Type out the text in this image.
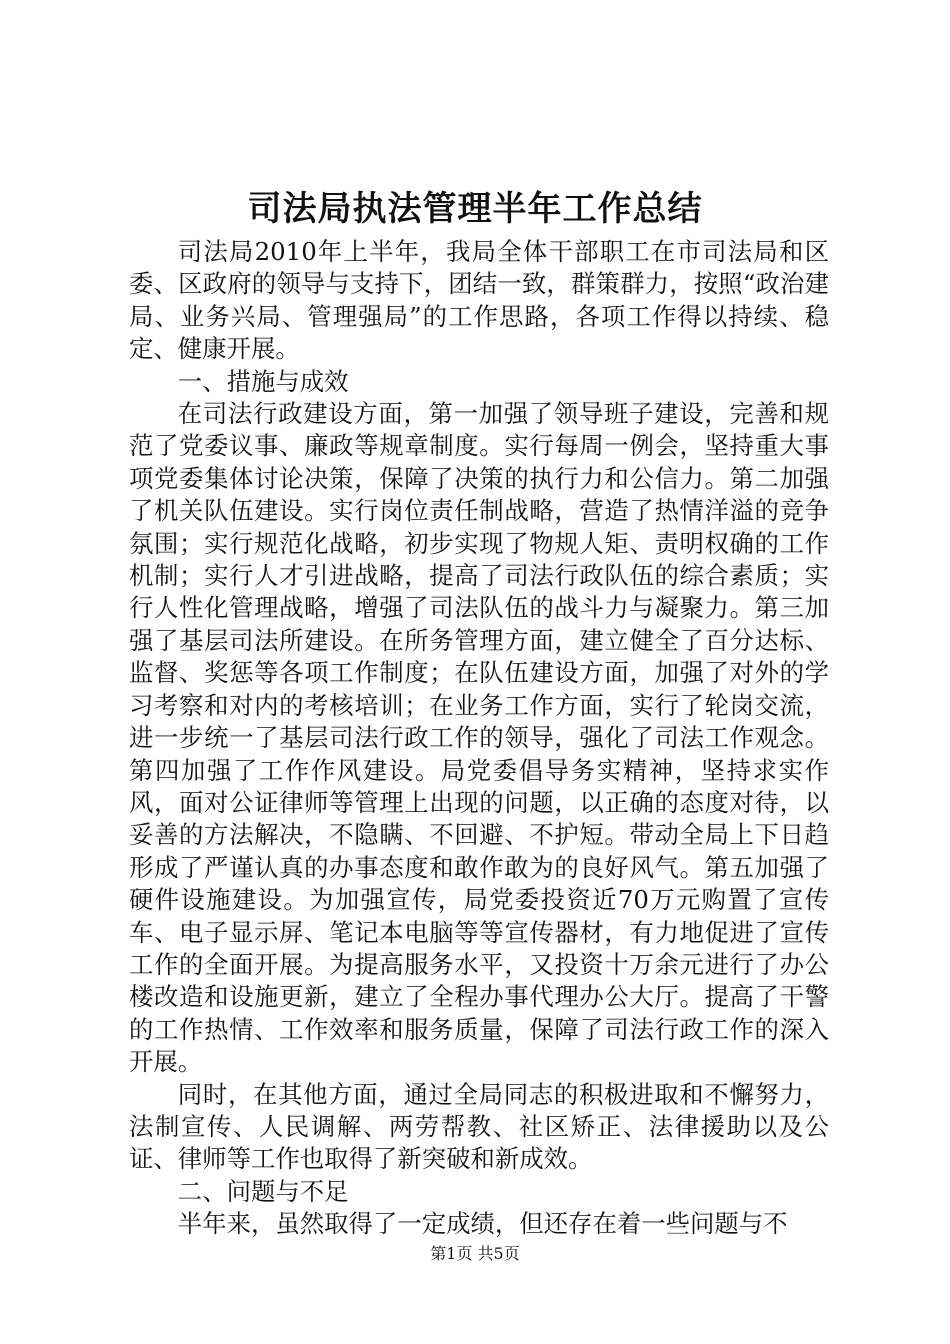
司法局执法管理半年工作总结

司法局2010年上半年，我局全体干部职工在市司法局和区委、区政府的领导与支持下，团结一致，群策群力，按照“政治建局、业务兴局、管理强局”的工作思路，各项工作得以持续、稳定、健康开展。

一、措施与成效

在司法行政建设方面，第一加强了领导班子建设，完善和规范了党委议事、廉政等规章制度。实行每周一例会，坚持重大事项党委集体讨论决策，保障了决策的执行力和公信力。第二加强了机关队伍建设。实行岗位责任制战略，营造了热情洋溢的竞争氛围；实行规范化战略，初步实现了物规人矩、责明权确的工作机制；实行人才引进战略，提高了司法行政队伍的综合素质；实行人性化管理战略，增强了司法队伍的战斗力与凝聚力。第三加强了基层司法所建设。在所务管理方面，建立健全了百分达标、监督、奖惩等各项工作制度；在队伍建设方面，加强了对外的学习考察和对内的考核培训；在业务工作方面，实行了轮岗交流，进一步统一了基层司法行政工作的领导，强化了司法工作观念。第四加强了工作作风建设。局党委倡导务实精神，坚持求实作风，面对公证律师等管理上出现的问题，以正确的态度对待，以妥善的方法解决，不隐瞒、不回避、不护短。带动全局上下日趋形成了严谨认真的办事态度和敢作敢为的良好风气。第五加强了硬件设施建设。为加强宣传，局党委投资近70万元购置了宣传车、电子显示屏、笔记本电脑等等宣传器材，有力地促进了宣传工作的全面开展。为提高服务水平，又投资十万余元进行了办公楼改造和设施更新，建立了全程办事代理办公大厅。提高了干警的工作热情、工作效率和服务质量，保障了司法行政工作的深入开展。

同时，在其他方面，通过全局同志的积极进取和不懈努力，法制宣传、人民调解、两劳帮教、社区矫正、法律援助以及公证、律师等工作也取得了新突破和新成效。

二、问题与不足

半年来，虽然取得了一定成绩，但还存在着一些问题与不

第1页 共5页
